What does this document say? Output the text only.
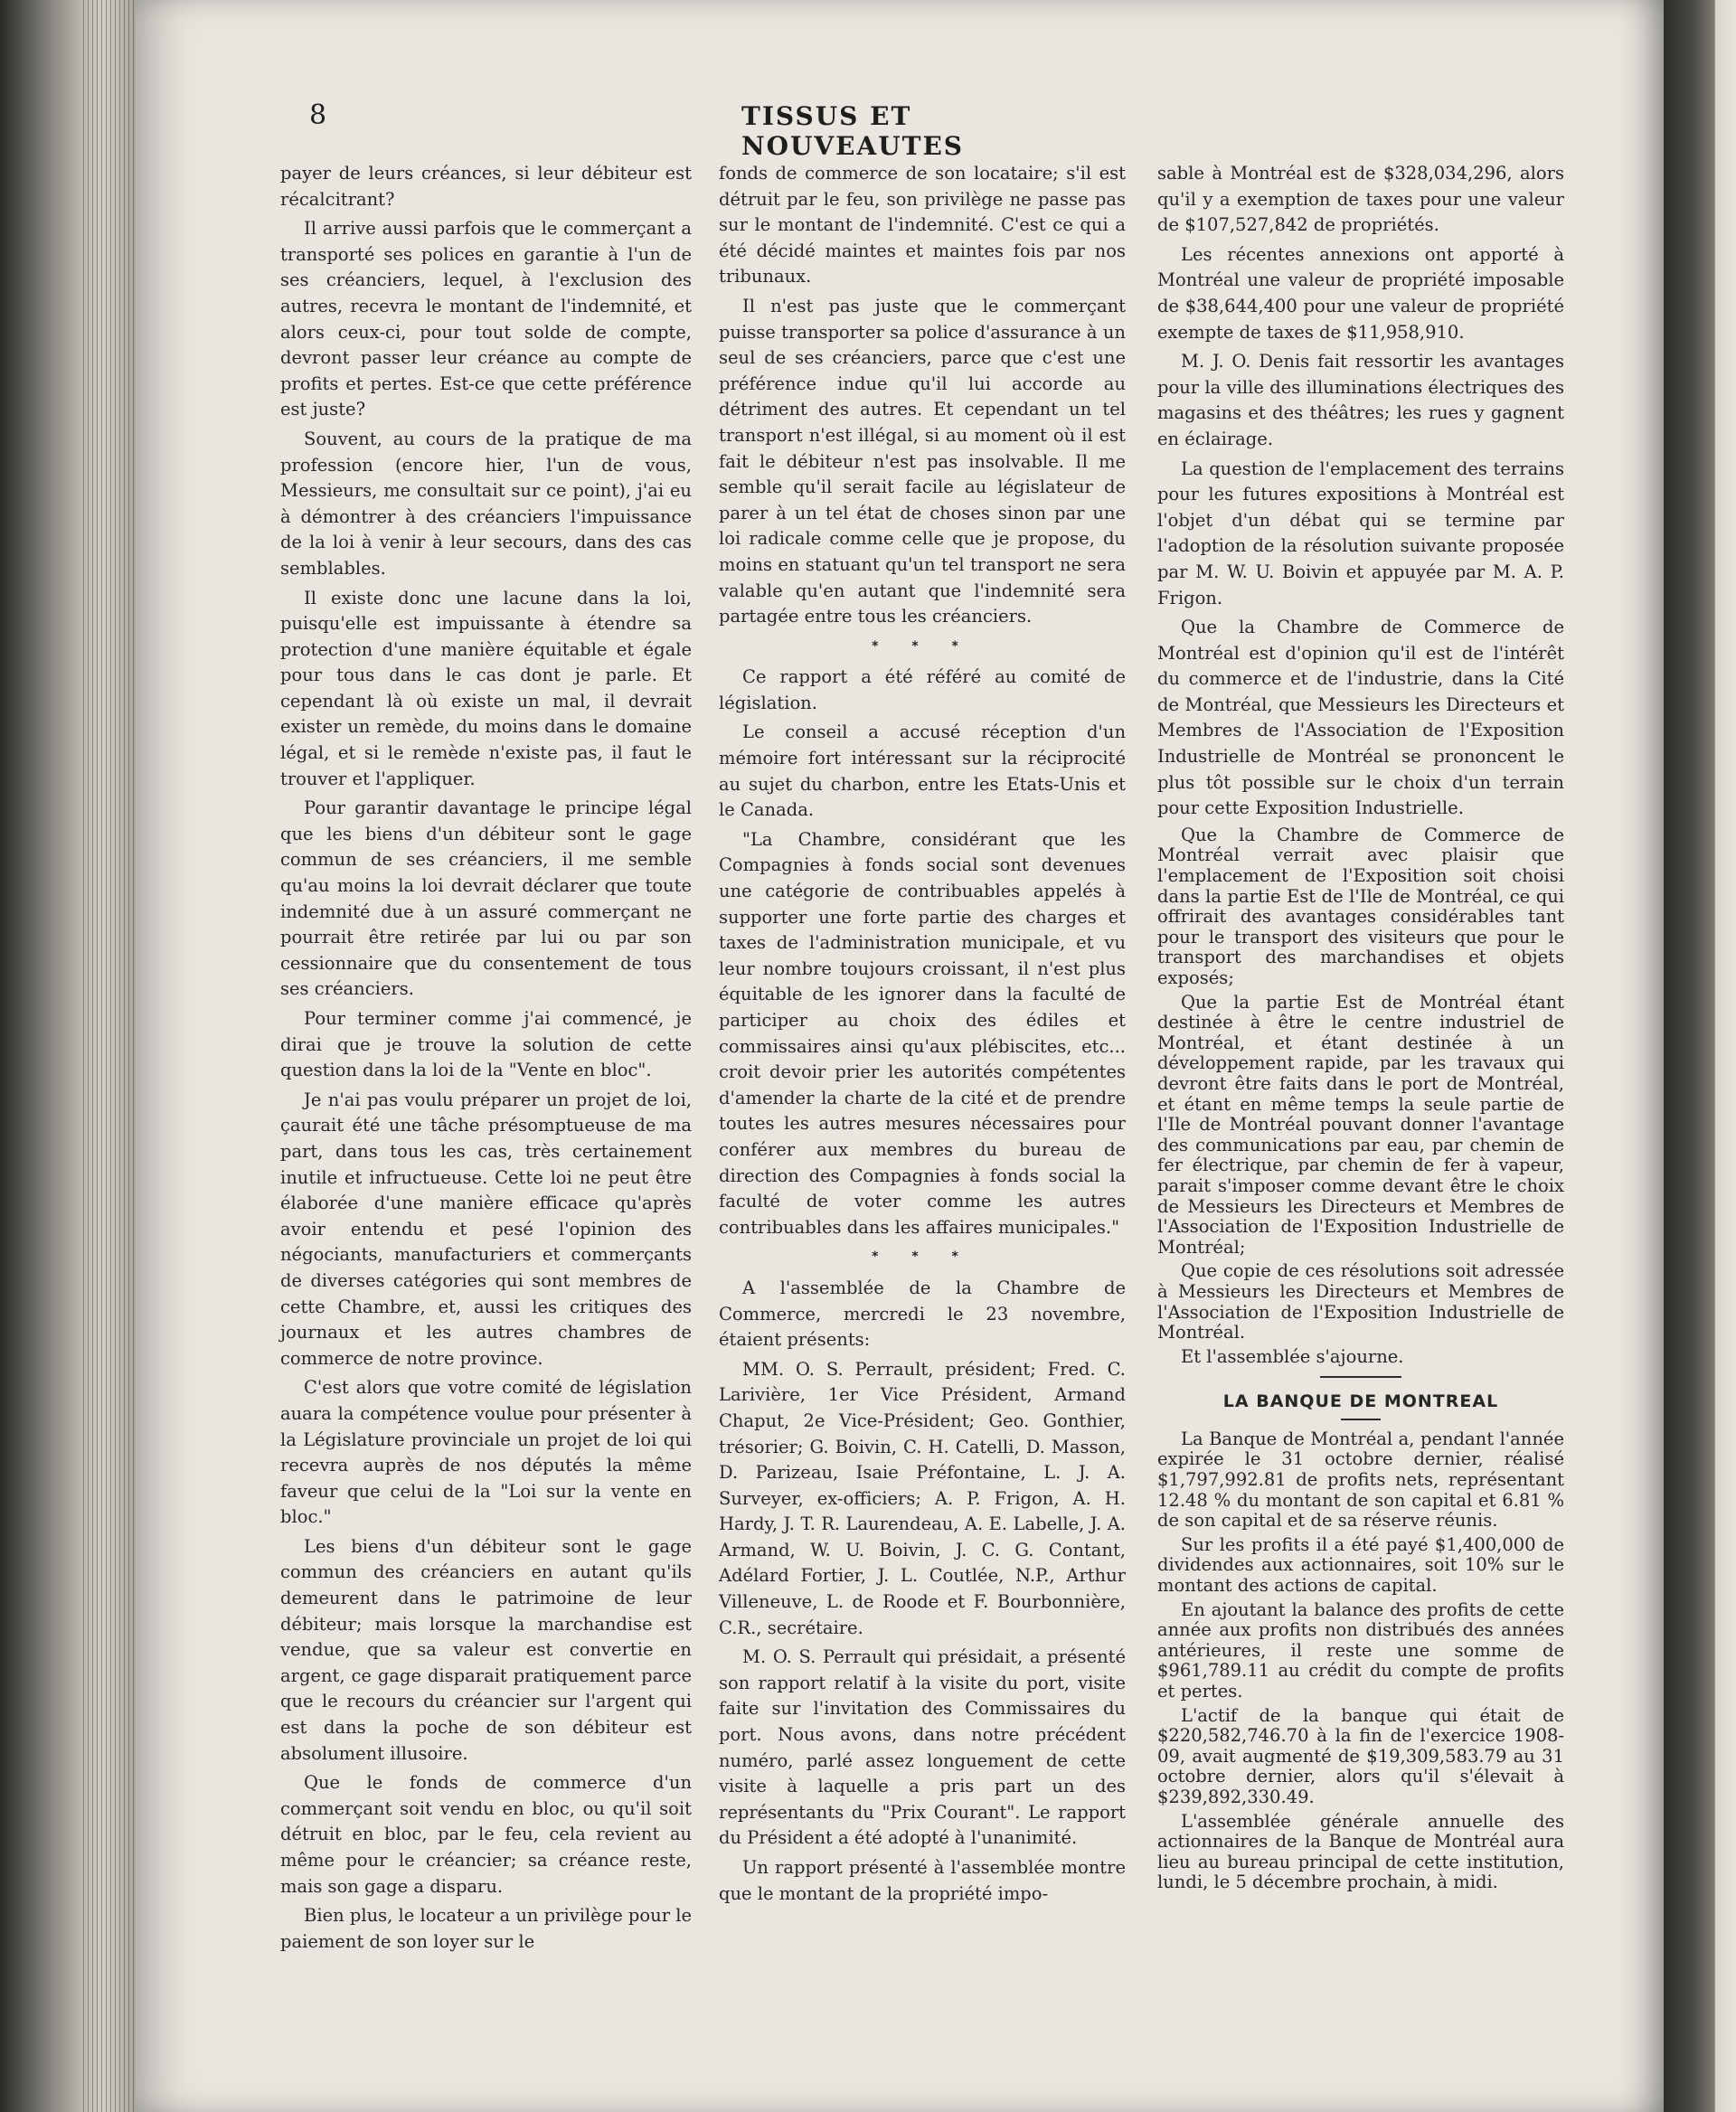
8	TISSUS ET NOUVEAUTES

payer de leurs créances, si leur débiteur est récalcitrant?

Il arrive aussi parfois que le commerçant a transporté ses polices en garantie à l'un de ses créanciers, lequel, à l'exclusion des autres, recevra le montant de l'indemnité, et alors ceux-ci, pour tout solde de compte, devront passer leur créance au compte de profits et pertes. Est-ce que cette préférence est juste?

Souvent, au cours de la pratique de ma profession (encore hier, l'un de vous, Messieurs, me consultait sur ce point), j'ai eu à démontrer à des créanciers l'impuissance de la loi à venir à leur secours, dans des cas semblables.

Il existe donc une lacune dans la loi, puisqu'elle est impuissante à étendre sa protection d'une manière équitable et égale pour tous dans le cas dont je parle. Et cependant là où existe un mal, il devrait exister un remède, du moins dans le domaine légal, et si le remède n'existe pas, il faut le trouver et l'appliquer.

Pour garantir davantage le principe légal que les biens d'un débiteur sont le gage commun de ses créanciers, il me semble qu'au moins la loi devrait déclarer que toute indemnité due à un assuré commerçant ne pourrait être retirée par lui ou par son cessionnaire que du consentement de tous ses créanciers.

Pour terminer comme j'ai commencé, je dirai que je trouve la solution de cette question dans la loi de la "Vente en bloc".

Je n'ai pas voulu préparer un projet de loi, çaurait été une tâche présomptueuse de ma part, dans tous les cas, très certainement inutile et infructueuse. Cette loi ne peut être élaborée d'une manière efficace qu'après avoir entendu et pesé l'opinion des négociants, manufacturiers et commerçants de diverses catégories qui sont membres de cette Chambre, et, aussi les critiques des journaux et les autres chambres de commerce de notre province.

C'est alors que votre comité de législation auara la compétence voulue pour présenter à la Législature provinciale un projet de loi qui recevra auprès de nos députés la même faveur que celui de la "Loi sur la vente en bloc."

Les biens d'un débiteur sont le gage commun des créanciers en autant qu'ils demeurent dans le patrimoine de leur débiteur; mais lorsque la marchandise est vendue, que sa valeur est convertie en argent, ce gage disparait pratiquement parce que le recours du créancier sur l'argent qui est dans la poche de son débiteur est absolument illusoire.

Que le fonds de commerce d'un commerçant soit vendu en bloc, ou qu'il soit détruit en bloc, par le feu, cela revient au même pour le créancier; sa créance reste, mais son gage a disparu.

Bien plus, le locateur a un privilège pour le paiement de son loyer sur le

fonds de commerce de son locataire; s'il est détruit par le feu, son privilège ne passe pas sur le montant de l'indemnité. C'est ce qui a été décidé maintes et maintes fois par nos tribunaux.

Il n'est pas juste que le commerçant puisse transporter sa police d'assurance à un seul de ses créanciers, parce que c'est une préférence indue qu'il lui accorde au détriment des autres. Et cependant un tel transport n'est illégal, si au moment où il est fait le débiteur n'est pas insolvable. Il me semble qu'il serait facile au législateur de parer à un tel état de choses sinon par une loi radicale comme celle que je propose, du moins en statuant qu'un tel transport ne sera valable qu'en autant que l'indemnité sera partagée entre tous les créanciers.

* * *

Ce rapport a été référé au comité de législation.

Le conseil a accusé réception d'un mémoire fort intéressant sur la réciprocité au sujet du charbon, entre les Etats-Unis et le Canada.

"La Chambre, considérant que les Compagnies à fonds social sont devenues une catégorie de contribuables appelés à supporter une forte partie des charges et taxes de l'administration municipale, et vu leur nombre toujours croissant, il n'est plus équitable de les ignorer dans la faculté de participer au choix des édiles et commissaires ainsi qu'aux plébiscites, etc... croit devoir prier les autorités compétentes d'amender la charte de la cité et de prendre toutes les autres mesures nécessaires pour conférer aux membres du bureau de direction des Compagnies à fonds social la faculté de voter comme les autres contribuables dans les affaires municipales."

* * *

A l'assemblée de la Chambre de Commerce, mercredi le 23 novembre, étaient présents:

MM. O. S. Perrault, président; Fred. C. Larivière, 1er Vice Président, Armand Chaput, 2e Vice-Président; Geo. Gonthier, trésorier; G. Boivin, C. H. Catelli, D. Masson, D. Parizeau, Isaie Préfontaine, L. J. A. Surveyer, ex-officiers; A. P. Frigon, A. H. Hardy, J. T. R. Laurendeau, A. E. Labelle, J. A. Armand, W. U. Boivin, J. C. G. Contant, Adélard Fortier, J. L. Coutlée, N.P., Arthur Villeneuve, L. de Roode et F. Bourbonnière, C.R., secrétaire.

M. O. S. Perrault qui présidait, a présenté son rapport relatif à la visite du port, visite faite sur l'invitation des Commissaires du port. Nous avons, dans notre précédent numéro, parlé assez longuement de cette visite à laquelle a pris part un des représentants du "Prix Courant". Le rapport du Président a été adopté à l'unanimité.

Un rapport présenté à l'assemblée montre que le montant de la propriété impo-

sable à Montréal est de $328,034,296, alors qu'il y a exemption de taxes pour une valeur de $107,527,842 de propriétés.

Les récentes annexions ont apporté à Montréal une valeur de propriété imposable de $38,644,400 pour une valeur de propriété exempte de taxes de $11,958,910.

M. J. O. Denis fait ressortir les avantages pour la ville des illuminations électriques des magasins et des théâtres; les rues y gagnent en éclairage.

La question de l'emplacement des terrains pour les futures expositions à Montréal est l'objet d'un débat qui se termine par l'adoption de la résolution suivante proposée par M. W. U. Boivin et appuyée par M. A. P. Frigon.

Que la Chambre de Commerce de Montréal est d'opinion qu'il est de l'intérêt du commerce et de l'industrie, dans la Cité de Montréal, que Messieurs les Directeurs et Membres de l'Association de l'Exposition Industrielle de Montréal se prononcent le plus tôt possible sur le choix d'un terrain pour cette Exposition Industrielle.

Que la Chambre de Commerce de Montréal verrait avec plaisir que l'emplacement de l'Exposition soit choisi dans la partie Est de l'Ile de Montréal, ce qui offrirait des avantages considérables tant pour le transport des visiteurs que pour le transport des marchandises et objets exposés;

Que la partie Est de Montréal étant destinée à être le centre industriel de Montréal, et étant destinée à un développement rapide, par les travaux qui devront être faits dans le port de Montréal, et étant en même temps la seule partie de l'Ile de Montréal pouvant donner l'avantage des communications par eau, par chemin de fer électrique, par chemin de fer à vapeur, parait s'imposer comme devant être le choix de Messieurs les Directeurs et Membres de l'Association de l'Exposition Industrielle de Montréal;

Que copie de ces résolutions soit adressée à Messieurs les Directeurs et Membres de l'Association de l'Exposition Industrielle de Montréal.

Et l'assemblée s'ajourne.

LA BANQUE DE MONTREAL

La Banque de Montréal a, pendant l'année expirée le 31 octobre dernier, réalisé $1,797,992.81 de profits nets, représentant 12.48 % du montant de son capital et 6.81 % de son capital et de sa réserve réunis.

Sur les profits il a été payé $1,400,000 de dividendes aux actionnaires, soit 10% sur le montant des actions de capital.

En ajoutant la balance des profits de cette année aux profits non distribués des années antérieures, il reste une somme de $961,789.11 au crédit du compte de profits et pertes.

L'actif de la banque qui était de $220,582,746.70 à la fin de l'exercice 1908-09, avait augmenté de $19,309,583.79 au 31 octobre dernier, alors qu'il s'élevait à $239,892,330.49.

L'assemblée générale annuelle des actionnaires de la Banque de Montréal aura lieu au bureau principal de cette institution, lundi, le 5 décembre prochain, à midi.
